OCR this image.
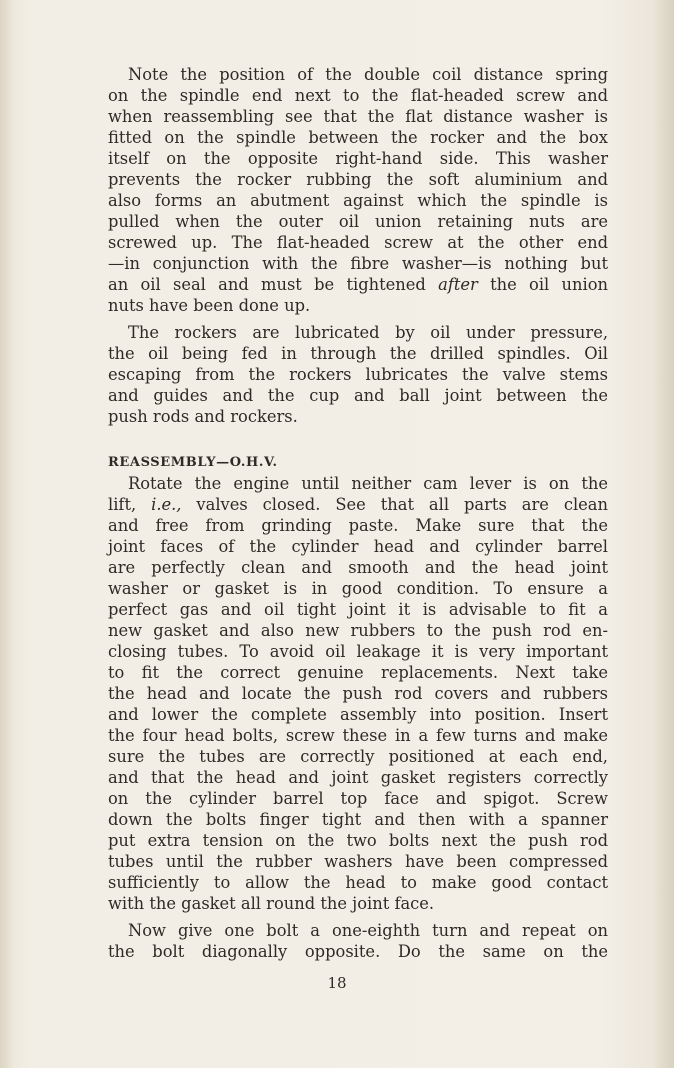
Note the position of the double coil distance spring
on the spindle end next to the flat-headed screw and
when reassembling see that the flat distance washer is
fitted on the spindle between the rocker and the box
itself on the opposite right-hand side. This washer
prevents the rocker rubbing the soft aluminium and
also forms an abutment against which the spindle is
pulled when the outer oil union retaining nuts are
screwed up. The flat-headed screw at the other end
—in conjunction with the fibre washer—is nothing but
an oil seal and must be tightened after the oil union
nuts have been done up.
The rockers are lubricated by oil under pressure,
the oil being fed in through the drilled spindles. Oil
escaping from the rockers lubricates the valve stems
and guides and the cup and ball joint between the
push rods and rockers.
REASSEMBLY—O.H.V.
Rotate the engine until neither cam lever is on the
lift, i.e., valves closed. See that all parts are clean
and free from grinding paste. Make sure that the
joint faces of the cylinder head and cylinder barrel
are perfectly clean and smooth and the head joint
washer or gasket is in good condition. To ensure a
perfect gas and oil tight joint it is advisable to fit a
new gasket and also new rubbers to the push rod en-
closing tubes. To avoid oil leakage it is very important
to fit the correct genuine replacements. Next take
the head and locate the push rod covers and rubbers
and lower the complete assembly into position. Insert
the four head bolts, screw these in a few turns and make
sure the tubes are correctly positioned at each end,
and that the head and joint gasket registers correctly
on the cylinder barrel top face and spigot. Screw
down the bolts finger tight and then with a spanner
put extra tension on the two bolts next the push rod
tubes until the rubber washers have been compressed
sufficiently to allow the head to make good contact
with the gasket all round the joint face.
Now give one bolt a one-eighth turn and repeat on
the bolt diagonally opposite. Do the same on the
18
